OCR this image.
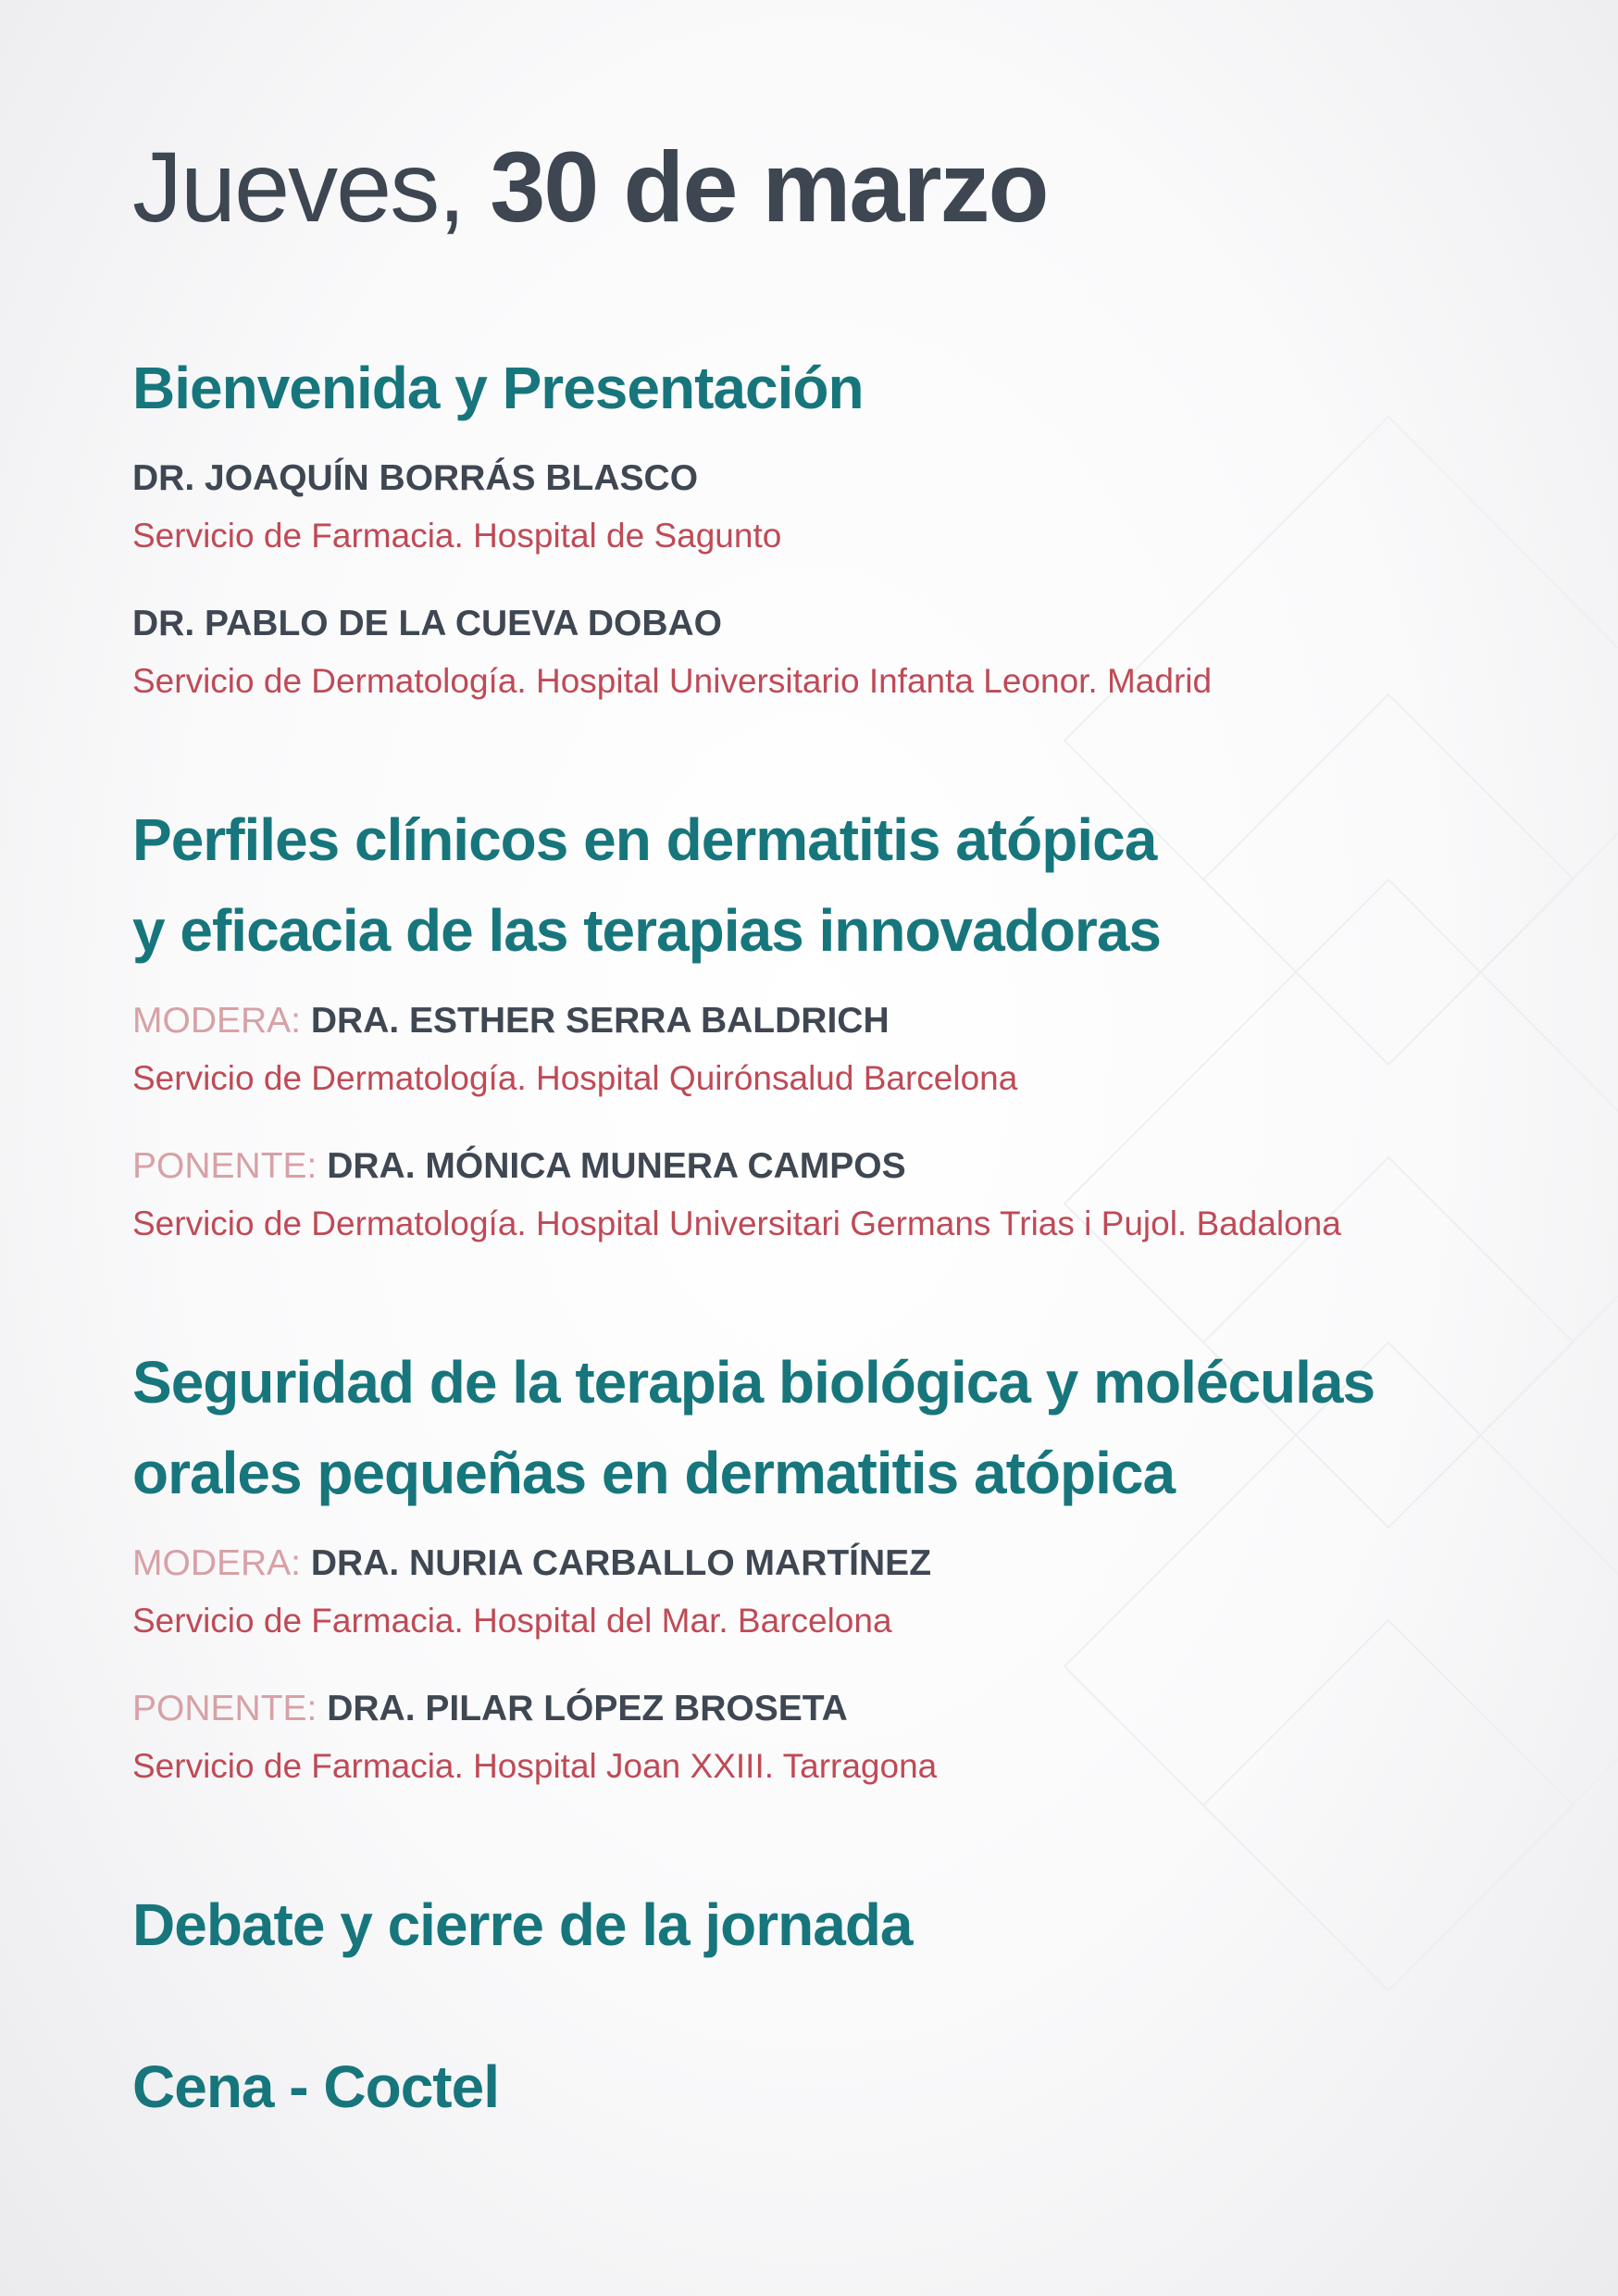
Jueves, 30 de marzo
Bienvenida y Presentación
DR. JOAQUÍN BORRÁS BLASCO
Servicio de Farmacia. Hospital de Sagunto
DR. PABLO DE LA CUEVA DOBAO
Servicio de Dermatología. Hospital Universitario Infanta Leonor. Madrid
Perfiles clínicos en dermatitis atópica
y eficacia de las terapias innovadoras
MODERA: DRA. ESTHER SERRA BALDRICH
Servicio de Dermatología. Hospital Quirónsalud Barcelona
PONENTE: DRA. MÓNICA MUNERA CAMPOS
Servicio de Dermatología. Hospital Universitari Germans Trias i Pujol. Badalona
Seguridad de la terapia biológica y moléculas
orales pequeñas en dermatitis atópica
MODERA: DRA. NURIA CARBALLO MARTÍNEZ
Servicio de Farmacia. Hospital del Mar. Barcelona
PONENTE: DRA. PILAR LÓPEZ BROSETA
Servicio de Farmacia. Hospital Joan XXIII. Tarragona
Debate y cierre de la jornada
Cena - Coctel
